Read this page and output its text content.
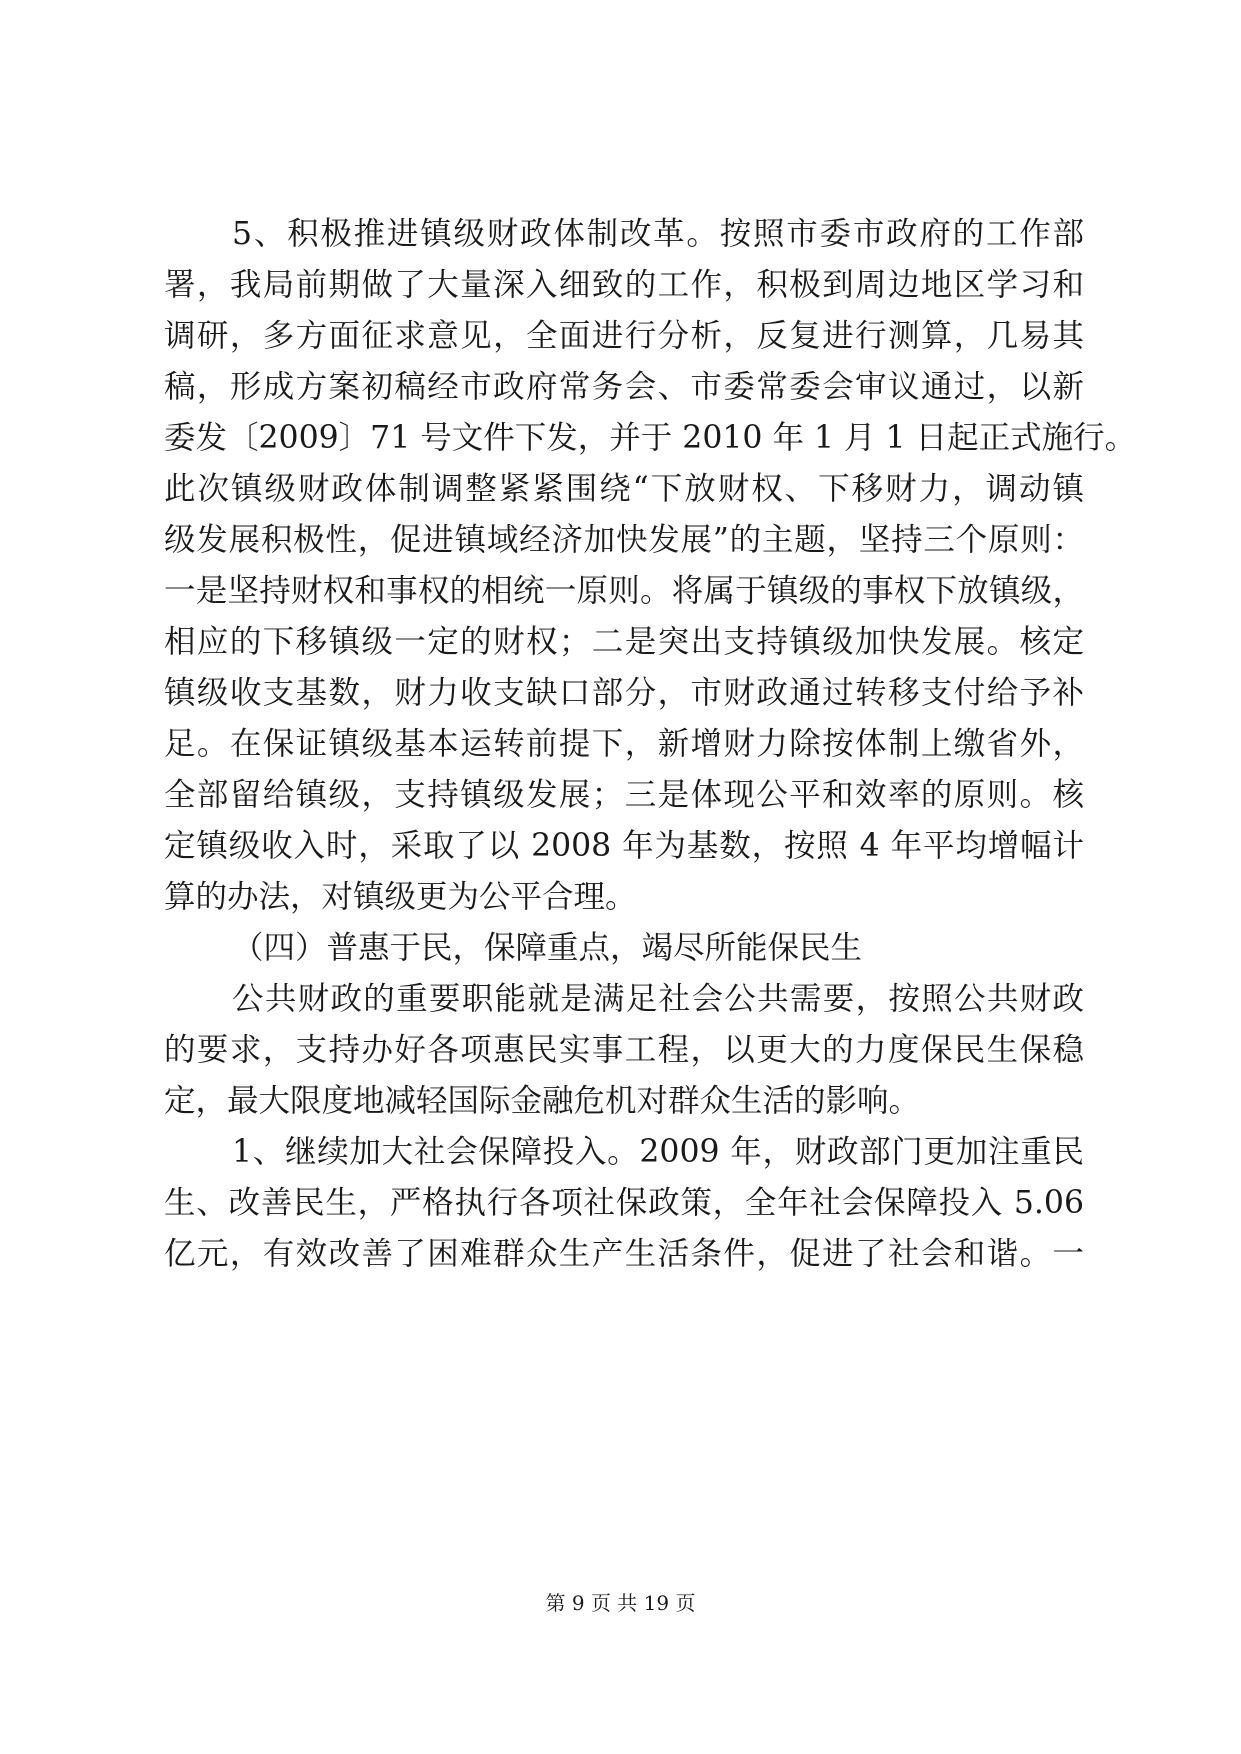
5、积极推进镇级财政体制改革。按照市委市政府的工作部
署，我局前期做了大量深入细致的工作，积极到周边地区学习和
调研，多方面征求意见，全面进行分析，反复进行测算，几易其
稿，形成方案初稿经市政府常务会、市委常委会审议通过，以新
委发〔2009〕71 号文件下发，并于 2010 年 1 月 1 日起正式施行。
此次镇级财政体制调整紧紧围绕“下放财权、下移财力，调动镇
级发展积极性，促进镇域经济加快发展”的主题，坚持三个原则：
一是坚持财权和事权的相统一原则。将属于镇级的事权下放镇级，
相应的下移镇级一定的财权；二是突出支持镇级加快发展。核定
镇级收支基数，财力收支缺口部分，市财政通过转移支付给予补
足。在保证镇级基本运转前提下，新增财力除按体制上缴省外，
全部留给镇级，支持镇级发展；三是体现公平和效率的原则。核
定镇级收入时，采取了以 2008 年为基数，按照 4 年平均增幅计
算的办法，对镇级更为公平合理。
（四）普惠于民，保障重点，竭尽所能保民生
公共财政的重要职能就是满足社会公共需要，按照公共财政
的要求，支持办好各项惠民实事工程，以更大的力度保民生保稳
定，最大限度地减轻国际金融危机对群众生活的影响。
1、继续加大社会保障投入。2009 年，财政部门更加注重民
生、改善民生，严格执行各项社保政策，全年社会保障投入 5.06
亿元，有效改善了困难群众生产生活条件，促进了社会和谐。一
第 9 页 共 19 页
